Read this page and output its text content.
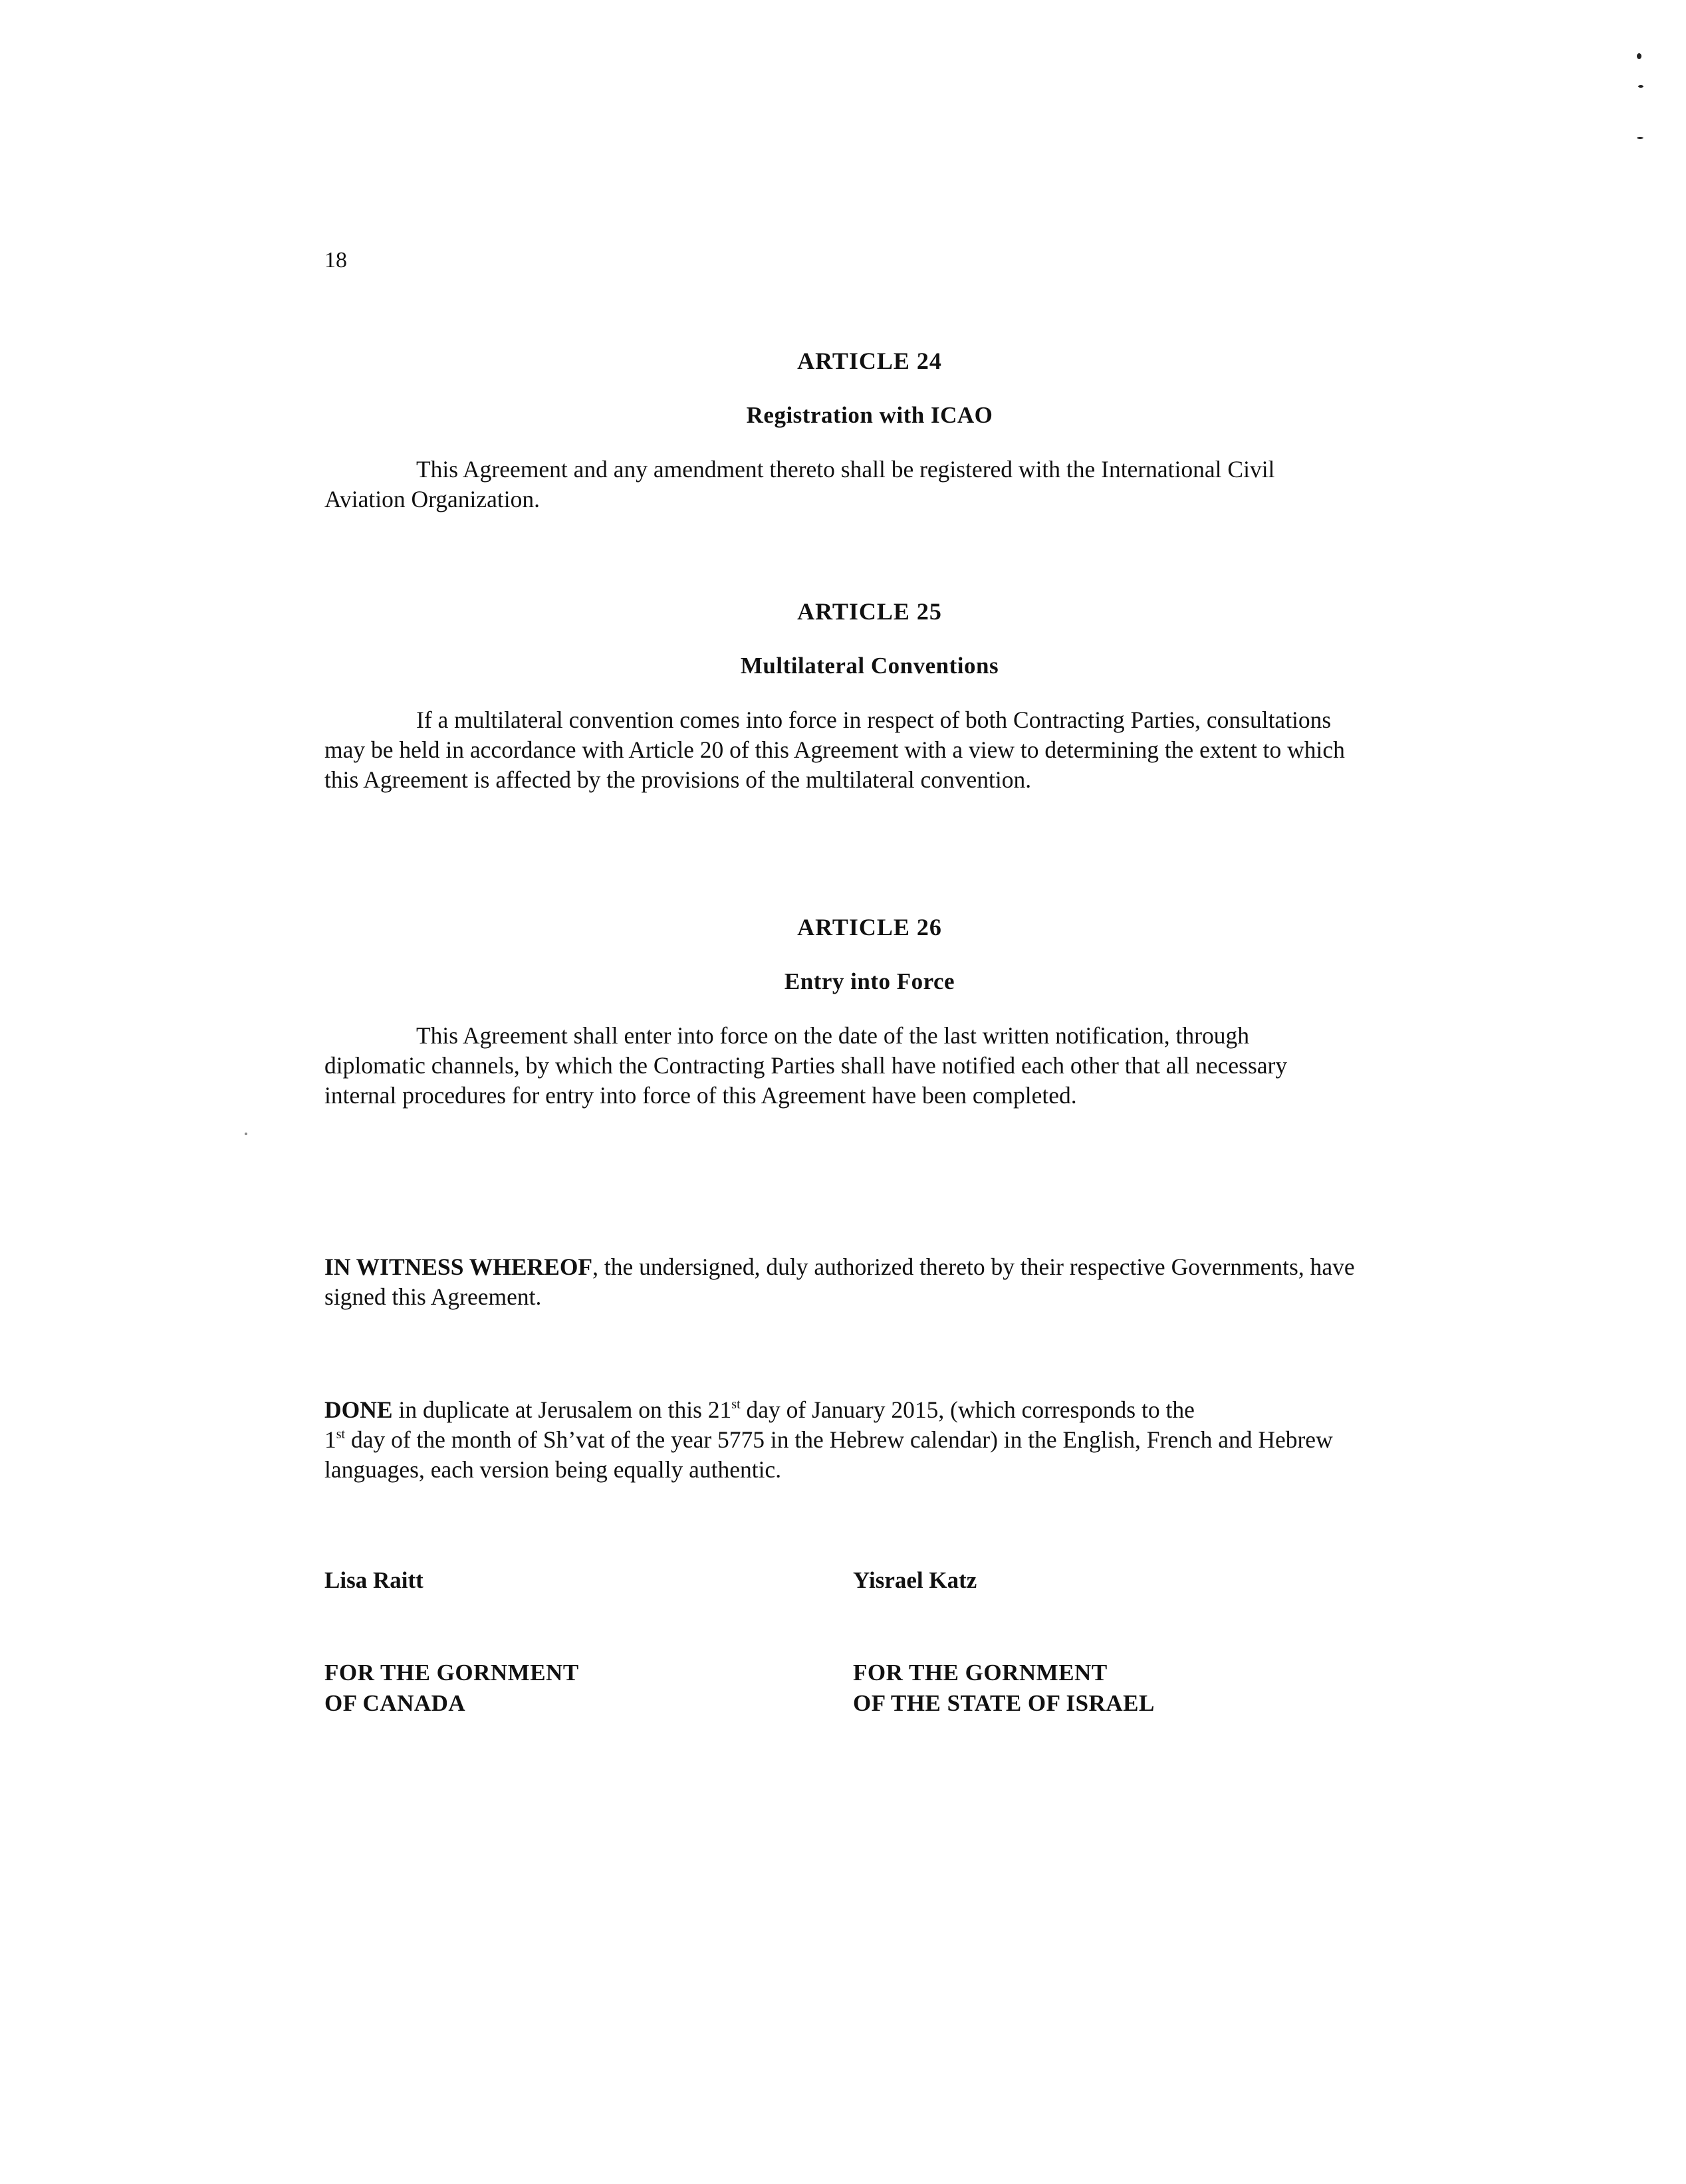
18
ARTICLE 24
Registration with ICAO

This Agreement and any amendment thereto shall be registered with the International Civil Aviation Organization.

ARTICLE 25
Multilateral Conventions

If a multilateral convention comes into force in respect of both Contracting Parties, consultations may be held in accordance with Article 20 of this Agreement with a view to determining the extent to which this Agreement is affected by the provisions of the multilateral convention.

ARTICLE 26
Entry into Force

This Agreement shall enter into force on the date of the last written notification, through diplomatic channels, by which the Contracting Parties shall have notified each other that all necessary internal procedures for entry into force of this Agreement have been completed.

IN WITNESS WHEREOF, the undersigned, duly authorized thereto by their respective Governments, have signed this Agreement.

DONE in duplicate at Jerusalem on this 21st day of January 2015, (which corresponds to the
1st day of the month of Sh’vat of the year 5775 in the Hebrew calendar) in the English, French and Hebrew languages, each version being equally authentic.

Lisa Raitt	Yisrael Katz

FOR THE GORNMENT
OF CANADA
FOR THE GORNMENT
OF THE STATE OF ISRAEL
